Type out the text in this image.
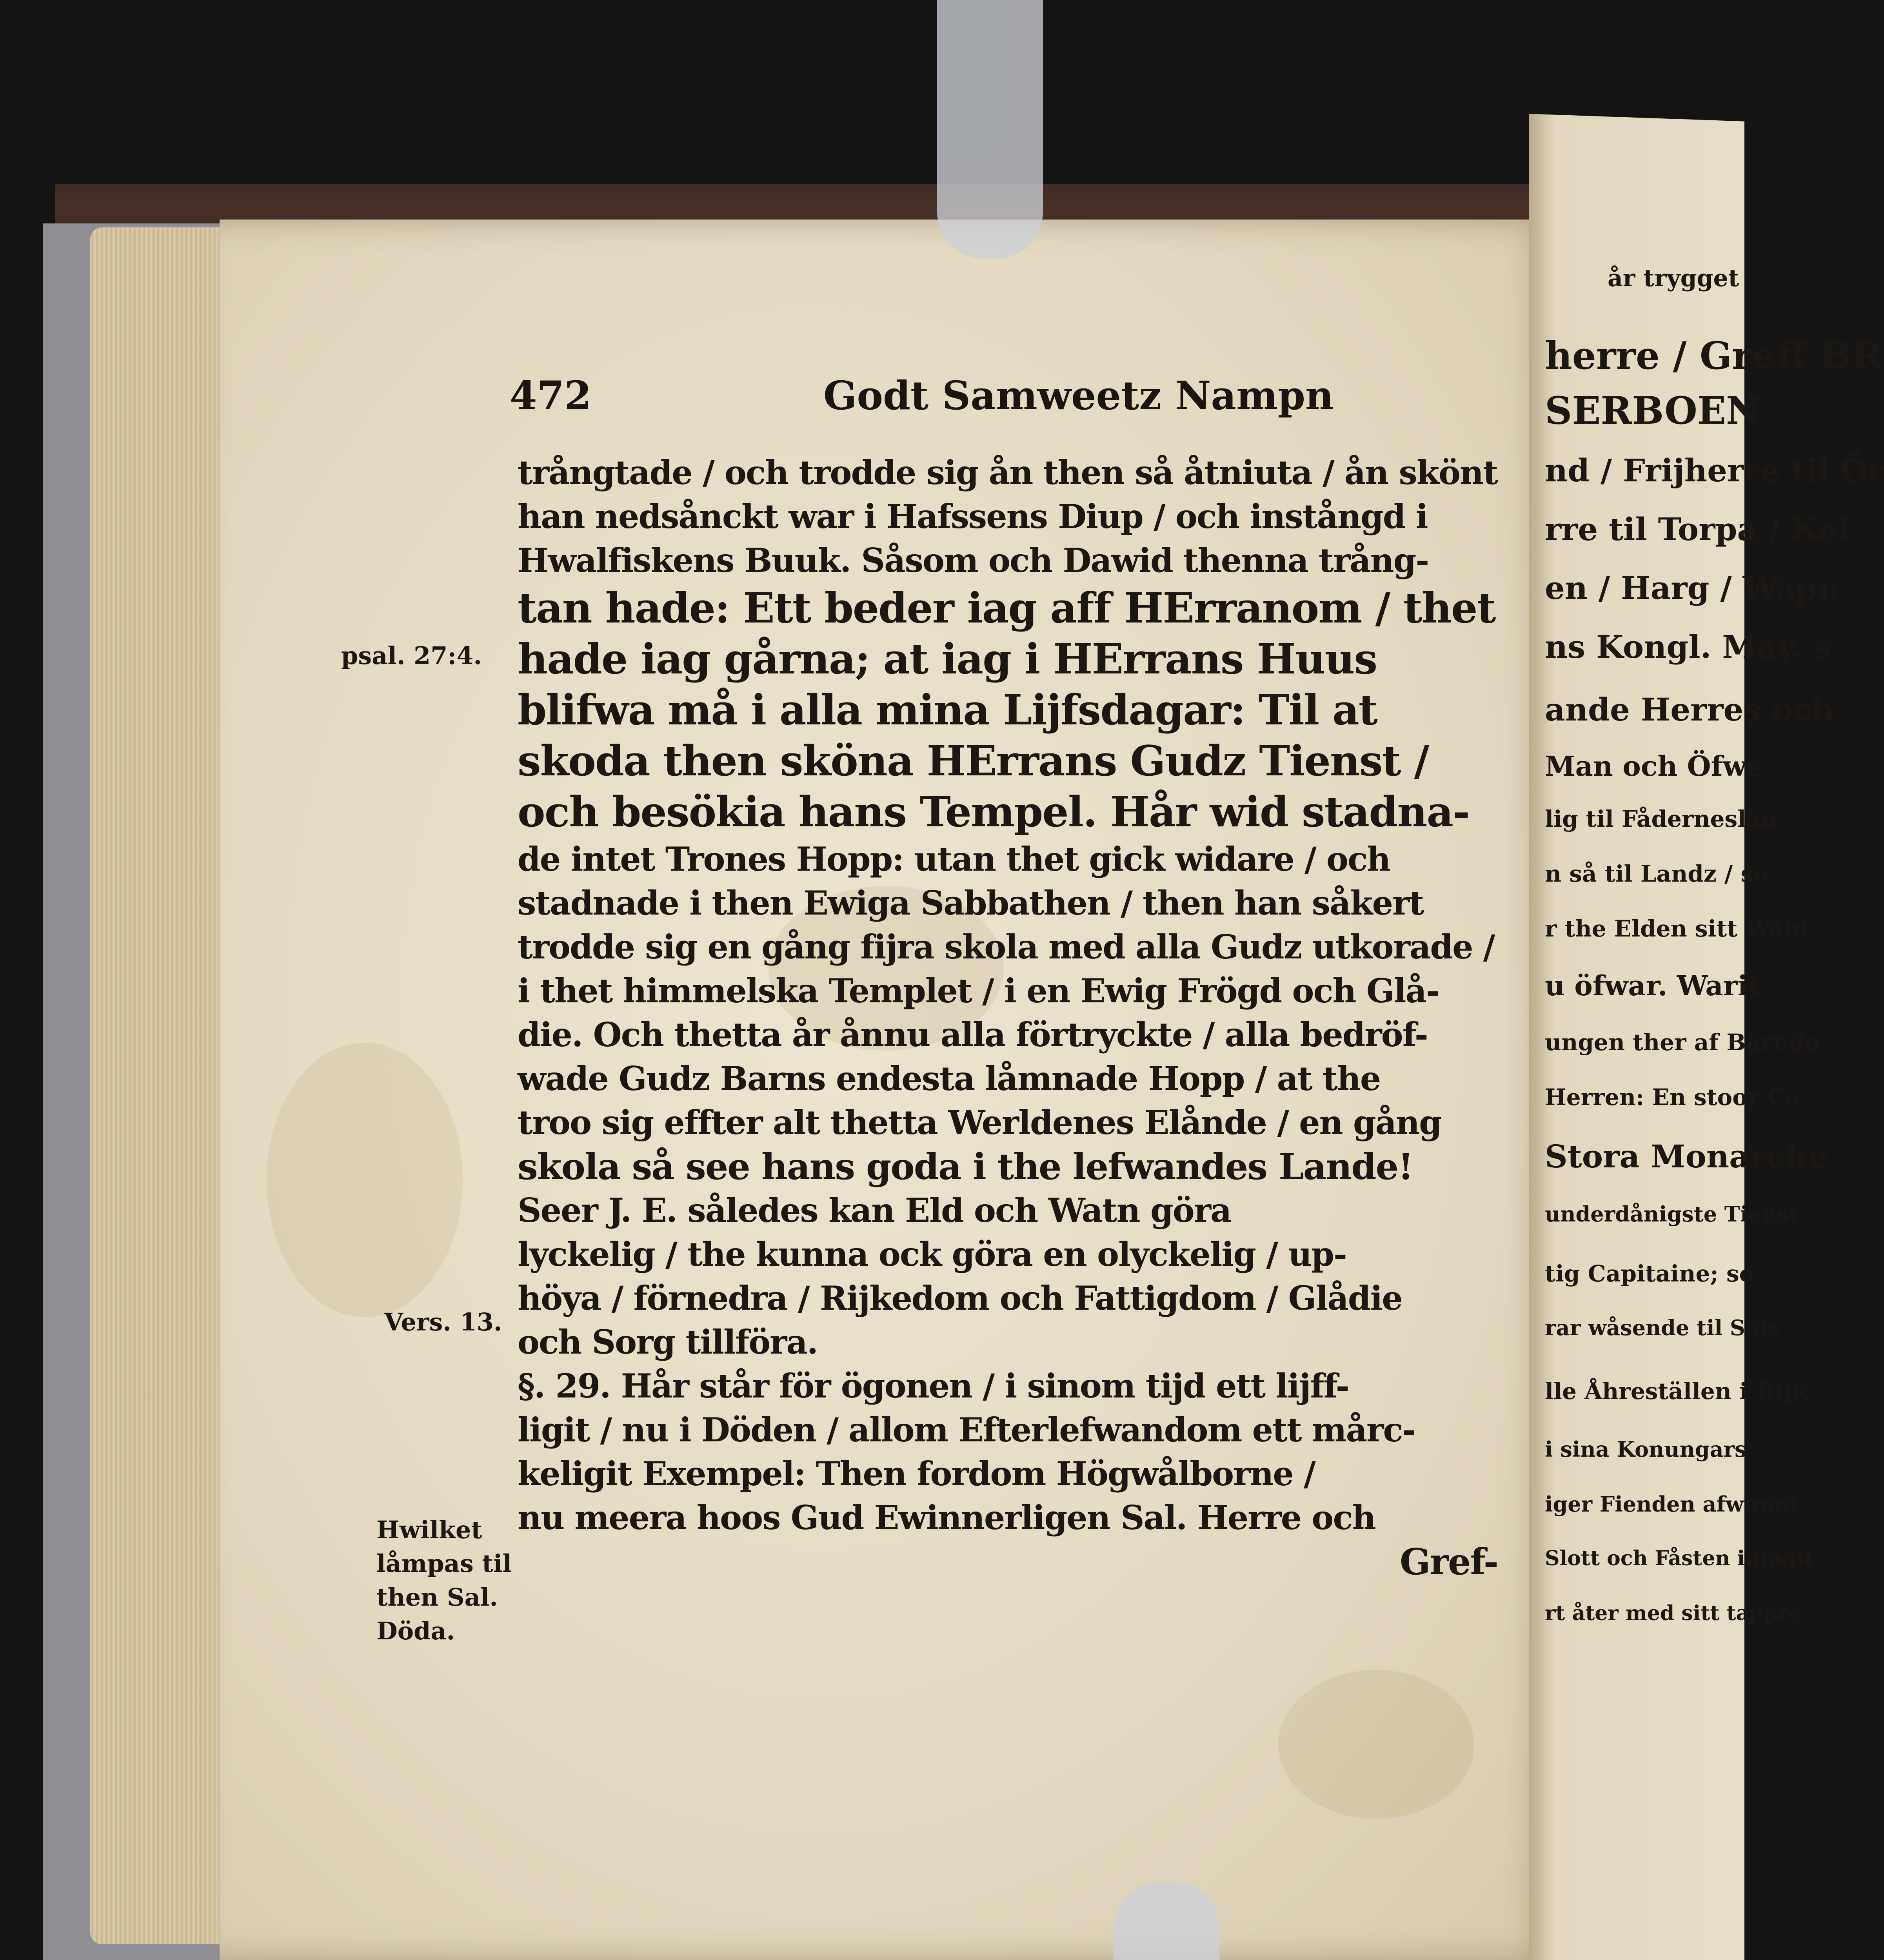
472	Godt Samweetz Nampn
psal. 27:4.
Vers. 13.
Hwilket
låmpas til
then Sal.
Döda.
trångtade / och trodde sig ån then så åtniuta / ån skönt
han nedsånckt war i Hafssens Diup / och instångd i
Hwalfiskens Buuk. Såsom och Dawid thenna trång-
tan hade: Ett beder iag aff HErranom / thet
hade iag gårna; at iag i HErrans Huus
blifwa må i alla mina Lijfsdagar: Til at
skoda then skönа HErrans Gudz Tienst /
och besökia hans Tempel. Hår wid stadna-
de intet Trones Hopp: utan thet gick widare / och
stadnade i then Ewiga Sabbathen / then han såkert
trodde sig en gång fijra skola med alla Gudz utkorade /
i thet himmelska Templet / i en Ewig Frögd och Glå-
die. Och thetta år ånnu alla förtryckte / alla bedröf-
wade Gudz Barns endesta låmnade Hopp / at the
troo sig effter alt thetta Werldenes Elånde / en gång
skola så see hans goda i the lefwandes Lande!
Seer J. E. således kan Eld och Watn göra
lyckelig / the kunna ock göra en olyckelig / up-
höya / förnedra / Rijkedom och Fattigdom / Glådie
och Sorg tillföra.
§. 29. Hår står för ögonen / i sinom tijd ett lijff-
ligit / nu i Döden / allom Efterlefwandom ett mårc-
keligit Exempel: Then fordom Högwålborne /
nu meera hoos Gud Ewinnerligen Sal. Herre och
Gref-
år trygget
herre / Greff BR
SERBOEN
nd / Frijherre til Ör
rre til Torpa / Kol
en / Harg / Wapn
ns Kongl. May. s
ande Herres och
Man och Öfwe
lig til Fåderneslan
n så til Landz / so
r the Elden sitt Wåld
u öfwar. Warit
ungen ther af Barndo
Herren: En stoor Ca
Stora Monarche
underdånigste Tienst
tig Capitaine; so
rar wåsende til Siös
lle Åhreställen i Rijk
i sina Konungars
iger Fienden afwunni
Slott och Fåsten intagit
rt åter med sitt tappre
